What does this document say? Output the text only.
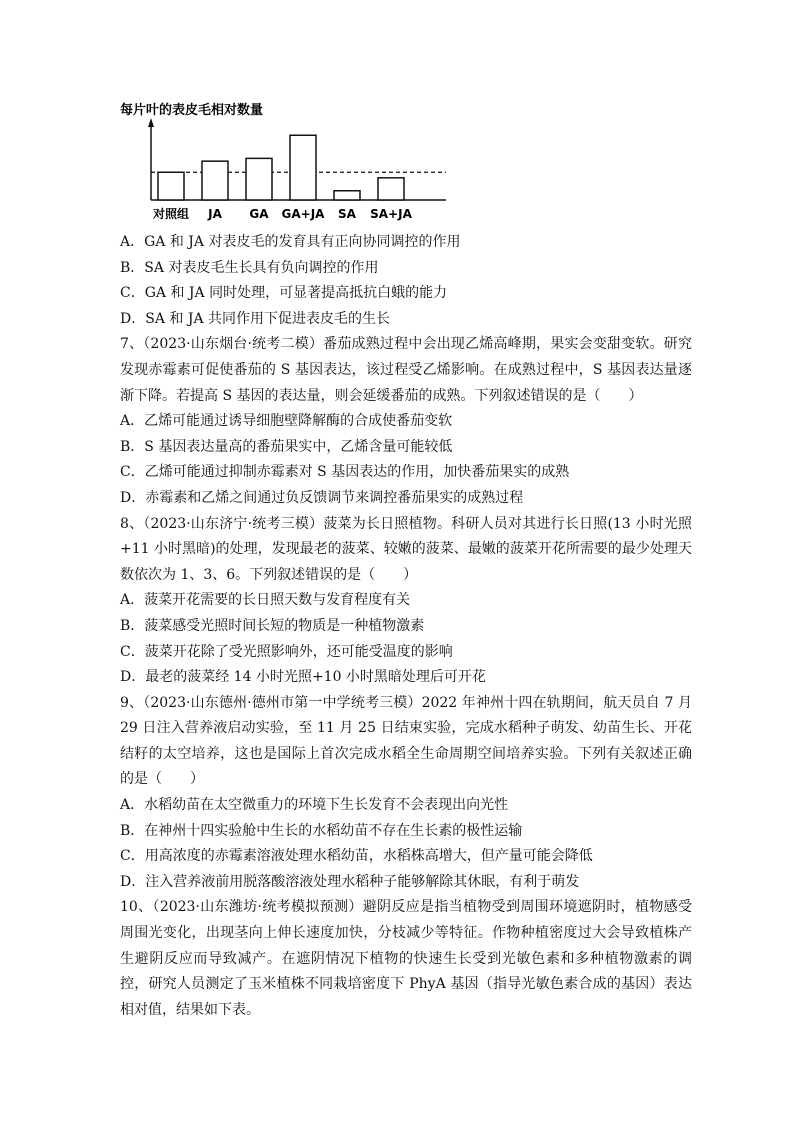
每片叶的表皮毛相对数量
对照组 JA GA GA+JA SA SA+JA
A．GA 和 JA 对表皮毛的发育具有正向协同调控的作用
B．SA 对表皮毛生长具有负向调控的作用
C．GA 和 JA 同时处理，可显著提高抵抗白蛾的能力
D．SA 和 JA 共同作用下促进表皮毛的生长
7、（2023·山东烟台·统考二模）番茄成熟过程中会出现乙烯高峰期，果实会变甜变软。研究发现赤霉素可促使番茄的 S 基因表达，该过程受乙烯影响。在成熟过程中，S 基因表达量逐渐下降。若提高 S 基因的表达量，则会延缓番茄的成熟。下列叙述错误的是（　　）
A．乙烯可能通过诱导细胞壁降解酶的合成使番茄变软
B．S 基因表达量高的番茄果实中，乙烯含量可能较低
C．乙烯可能通过抑制赤霉素对 S 基因表达的作用，加快番茄果实的成熟
D．赤霉素和乙烯之间通过负反馈调节来调控番茄果实的成熟过程
8、（2023·山东济宁·统考三模）菠菜为长日照植物。科研人员对其进行长日照(13 小时光照+11 小时黑暗)的处理，发现最老的菠菜、较嫩的菠菜、最嫩的菠菜开花所需要的最少处理天数依次为 1、3、6。下列叙述错误的是（　　）
A．菠菜开花需要的长日照天数与发育程度有关
B．菠菜感受光照时间长短的物质是一种植物激素
C．菠菜开花除了受光照影响外，还可能受温度的影响
D．最老的菠菜经 14 小时光照+10 小时黑暗处理后可开花
9、（2023·山东德州·德州市第一中学统考三模）2022 年神州十四在轨期间，航天员自 7 月 29 日注入营养液启动实验，至 11 月 25 日结束实验，完成水稻种子萌发、幼苗生长、开花结籽的太空培养，这也是国际上首次完成水稻全生命周期空间培养实验。下列有关叙述正确的是（　　）
A．水稻幼苗在太空微重力的环境下生长发育不会表现出向光性
B．在神州十四实验舱中生长的水稻幼苗不存在生长素的极性运输
C．用高浓度的赤霉素溶液处理水稻幼苗，水稻株高增大，但产量可能会降低
D．注入营养液前用脱落酸溶液处理水稻种子能够解除其休眠，有利于萌发
10、（2023·山东潍坊·统考模拟预测）避阴反应是指当植物受到周围环境遮阴时，植物感受周围光变化，出现茎向上伸长速度加快，分枝减少等特征。作物种植密度过大会导致植株产生避阴反应而导致减产。在遮阴情况下植物的快速生长受到光敏色素和多种植物激素的调控，研究人员测定了玉米植株不同栽培密度下 PhyA 基因（指导光敏色素合成的基因）表达相对值，结果如下表。
